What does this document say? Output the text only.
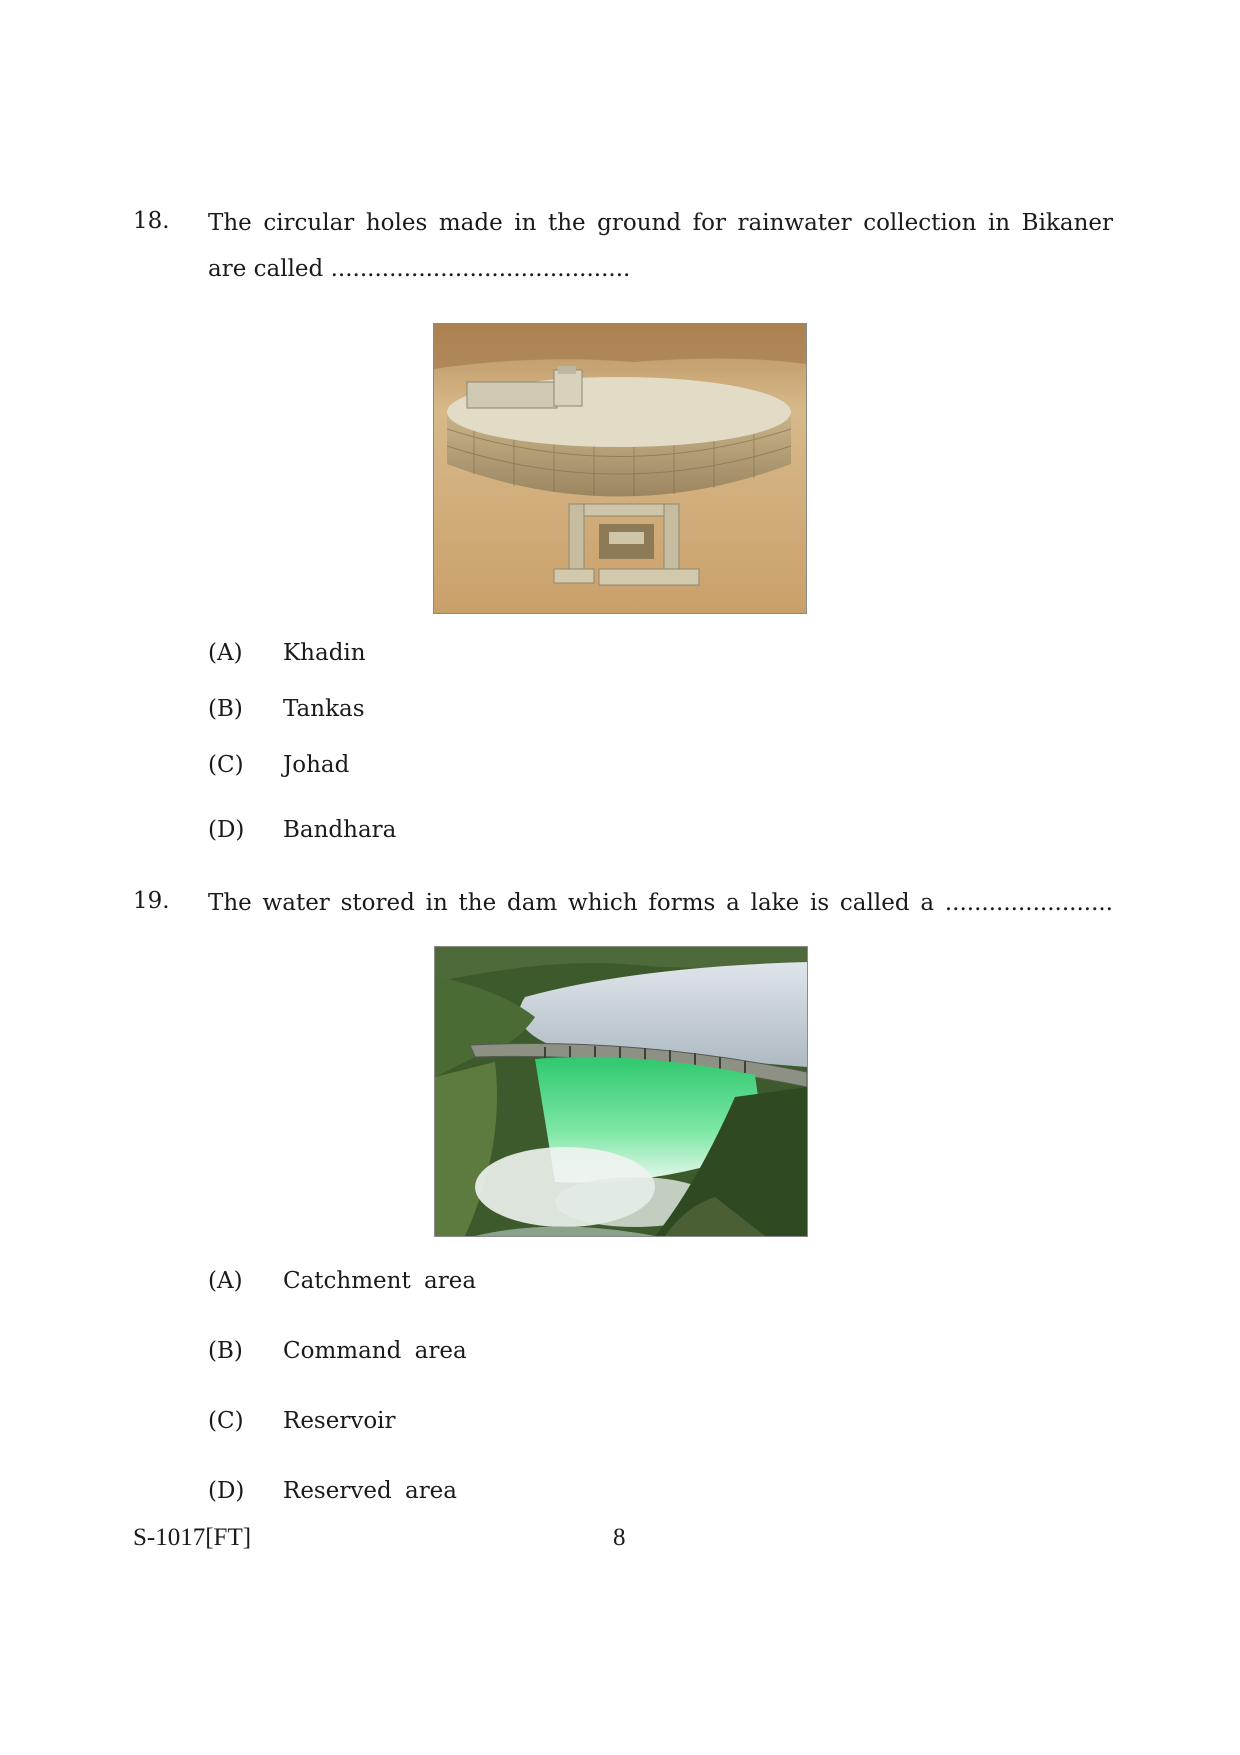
18. The circular holes made in the ground for rainwater collection in Bikaner
are called .........................................
(A)	Khadin
(B)	Tankas
(C)	Johad
(D)	Bandhara
19. The water stored in the dam which forms a lake is called a .......................
(A)	Catchment area
(B)	Command area
(C)	Reservoir
(D)	Reserved area
S-1017[FT]	8
